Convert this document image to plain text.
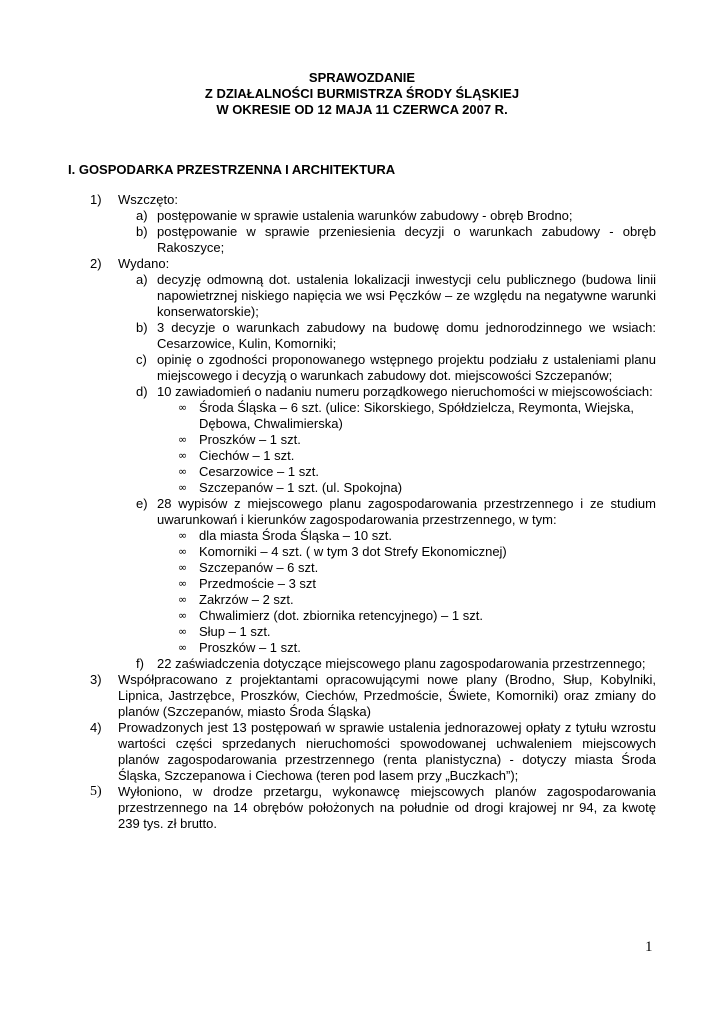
SPRAWOZDANIE
Z DZIAŁALNOŚCI BURMISTRZA ŚRODY ŚLĄSKIEJ
W OKRESIE OD 12 MAJA 11 CZERWCA 2007 R.
I. GOSPODARKA PRZESTRZENNA I ARCHITEKTURA
1) Wszczęto:
a) postępowanie w sprawie ustalenia warunków zabudowy - obręb Brodno;
b) postępowanie w sprawie przeniesienia decyzji o warunkach zabudowy - obręb Rakoszyce;
2) Wydano:
a) decyzję odmowną dot. ustalenia lokalizacji inwestycji celu publicznego (budowa linii napowietrznej niskiego napięcia we wsi Pęczków – ze względu na negatywne warunki konserwatorskie);
b) 3 decyzje o warunkach zabudowy na budowę domu jednorodzinnego we wsiach: Cesarzowice, Kulin, Komorniki;
c) opinię o zgodności proponowanego wstępnego projektu podziału z ustaleniami planu miejscowego i decyzją o warunkach zabudowy dot. miejscowości Szczepanów;
d) 10 zawiadomień o nadaniu numeru porządkowego nieruchomości w miejscowościach:
∞ Środa Śląska – 6 szt. (ulice: Sikorskiego, Spółdzielcza, Reymonta, Wiejska, Dębowa, Chwalimierska)
∞ Proszków – 1 szt.
∞ Ciechów – 1 szt.
∞ Cesarzowice – 1 szt.
∞ Szczepanów – 1 szt. (ul. Spokojna)
e) 28 wypisów z miejscowego planu zagospodarowania przestrzennego i ze studium uwarunkowań i kierunków zagospodarowania przestrzennego, w tym:
∞ dla miasta Środa Śląska – 10 szt.
∞ Komorniki – 4 szt. ( w tym 3 dot Strefy Ekonomicznej)
∞ Szczepanów – 6 szt.
∞ Przedmoście – 3 szt
∞ Zakrzów – 2 szt.
∞ Chwalimierz (dot. zbiornika retencyjnego) – 1 szt.
∞ Słup – 1 szt.
∞ Proszków – 1 szt.
f) 22 zaświadczenia dotyczące miejscowego planu zagospodarowania przestrzennego;
3) Współpracowano z projektantami opracowującymi nowe plany (Brodno, Słup, Kobylniki, Lipnica, Jastrzębce, Proszków, Ciechów, Przedmoście, Świete, Komorniki) oraz zmiany do planów (Szczepanów, miasto Środa Śląska)
4) Prowadzonych jest 13 postępowań w sprawie ustalenia jednorazowej opłaty z tytułu wzrostu wartości części sprzedanych nieruchomości spowodowanej uchwaleniem miejscowych planów zagospodarowania przestrzennego (renta planistyczna) - dotyczy miasta Środa Śląska, Szczepanowa i Ciechowa (teren pod lasem przy „Buczkach”);
5) Wyłoniono, w drodze przetargu, wykonawcę miejscowych planów zagospodarowania przestrzennego na 14 obrębów położonych na południe od drogi krajowej nr 94, za kwotę 239 tys. zł brutto.
1
